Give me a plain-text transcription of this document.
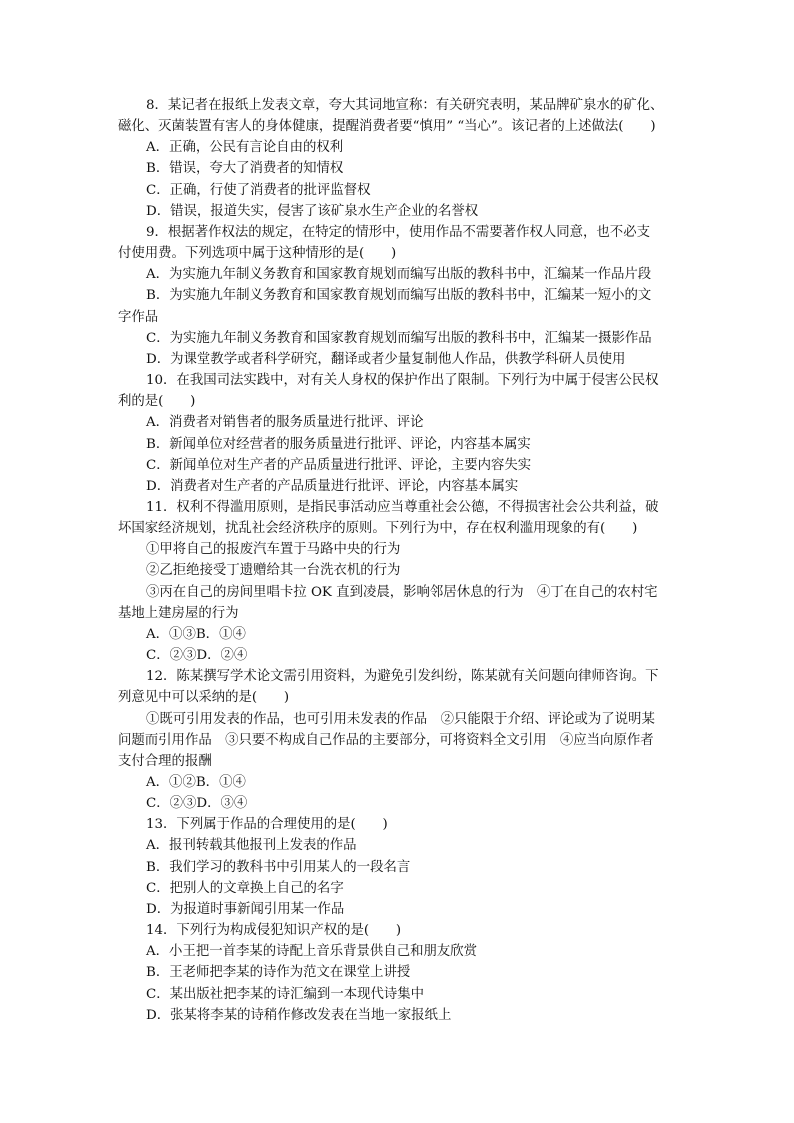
8．某记者在报纸上发表文章，夸大其词地宣称：有关研究表明，某品牌矿泉水的矿化、

磁化、灭菌装置有害人的身体健康，提醒消费者要“慎用” “当心”。该记者的上述做法(　　)

A．正确，公民有言论自由的权利

B．错误，夸大了消费者的知情权

C．正确，行使了消费者的批评监督权

D．错误，报道失实，侵害了该矿泉水生产企业的名誉权

9．根据著作权法的规定，在特定的情形中，使用作品不需要著作权人同意，也不必支

付使用费。下列选项中属于这种情形的是(　　)

A．为实施九年制义务教育和国家教育规划而编写出版的教科书中，汇编某一作品片段

B．为实施九年制义务教育和国家教育规划而编写出版的教科书中，汇编某一短小的文

字作品

C．为实施九年制义务教育和国家教育规划而编写出版的教科书中，汇编某一摄影作品

D．为课堂教学或者科学研究，翻译或者少量复制他人作品，供教学科研人员使用

10．在我国司法实践中，对有关人身权的保护作出了限制。下列行为中属于侵害公民权

利的是(　　)

A．消费者对销售者的服务质量进行批评、评论

B．新闻单位对经营者的服务质量进行批评、评论，内容基本属实

C．新闻单位对生产者的产品质量进行批评、评论，主要内容失实

D．消费者对生产者的产品质量进行批评、评论，内容基本属实

11．权利不得滥用原则，是指民事活动应当尊重社会公德，不得损害社会公共利益，破

坏国家经济规划，扰乱社会经济秩序的原则。下列行为中，存在权利滥用现象的有(　　)

①甲将自己的报废汽车置于马路中央的行为

②乙拒绝接受丁遗赠给其一台洗衣机的行为

③丙在自己的房间里唱卡拉 OK 直到凌晨，影响邻居休息的行为　④丁在自己的农村宅

基地上建房屋的行为

A．①③B．①④

C．②③D．②④

12．陈某撰写学术论文需引用资料，为避免引发纠纷，陈某就有关问题向律师咨询。下

列意见中可以采纳的是(　　)

①既可引用发表的作品，也可引用未发表的作品　②只能限于介绍、评论或为了说明某

问题而引用作品　③只要不构成自己作品的主要部分，可将资料全文引用　④应当向原作者

支付合理的报酬

A．①②B．①④

C．②③D．③④

13．下列属于作品的合理使用的是(　　)

A．报刊转载其他报刊上发表的作品

B．我们学习的教科书中引用某人的一段名言

C．把别人的文章换上自己的名字

D．为报道时事新闻引用某一作品

14．下列行为构成侵犯知识产权的是(　　)

A．小王把一首李某的诗配上音乐背景供自己和朋友欣赏

B．王老师把李某的诗作为范文在课堂上讲授

C．某出版社把李某的诗汇编到一本现代诗集中

D．张某将李某的诗稍作修改发表在当地一家报纸上
